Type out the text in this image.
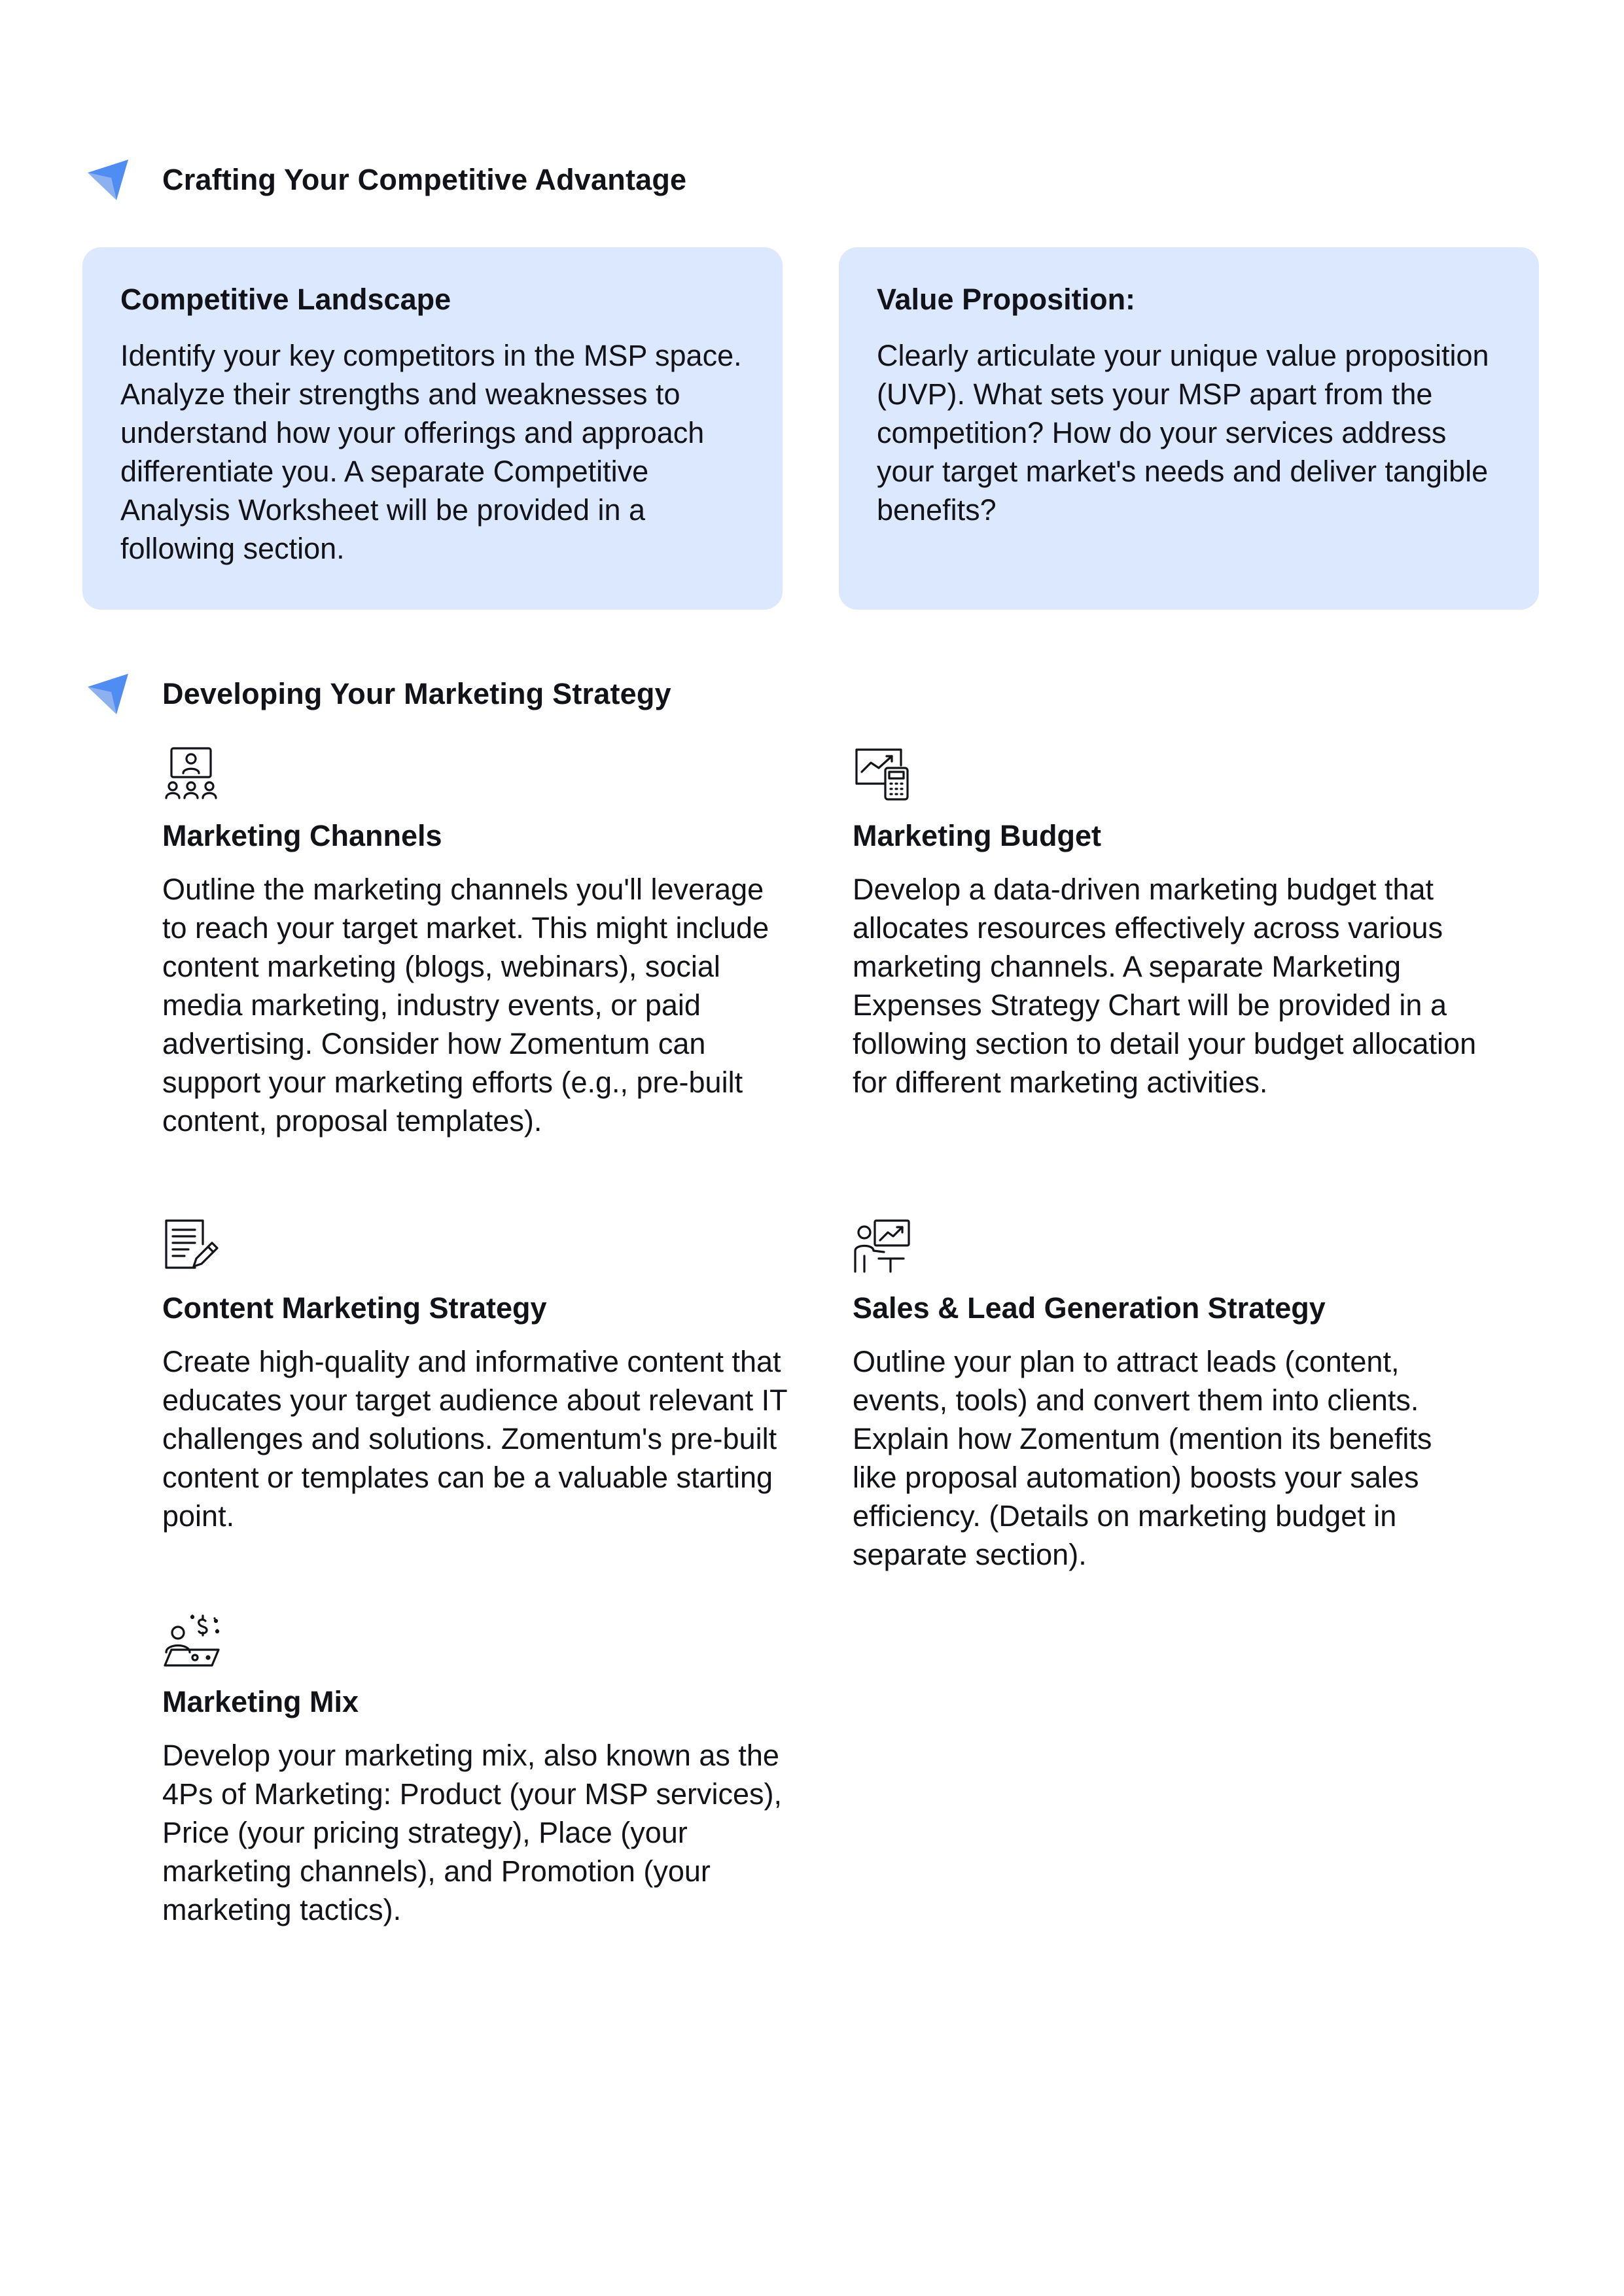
Crafting Your Competitive Advantage
Competitive Landscape

Identify your key competitors in the MSP space. Analyze their strengths and weaknesses to understand how your offerings and approach differentiate you. A separate Competitive Analysis Worksheet will be provided in a following section.

Value Proposition:

Clearly articulate your unique value proposition (UVP). What sets your MSP apart from the competition? How do your services address your target market's needs and deliver tangible benefits?

Developing Your Marketing Strategy
Marketing Channels

Outline the marketing channels you'll leverage to reach your target market. This might include content marketing (blogs, webinars), social media marketing, industry events, or paid advertising. Consider how Zomentum can support your marketing efforts (e.g., pre-built content, proposal templates).

Marketing Budget

Develop a data-driven marketing budget that allocates resources effectively across various marketing channels. A separate Marketing Expenses Strategy Chart will be provided in a following section to detail your budget allocation for different marketing activities.

Content Marketing Strategy

Create high-quality and informative content that educates your target audience about relevant IT challenges and solutions. Zomentum's pre-built content or templates can be a valuable starting point.

Sales & Lead Generation Strategy

Outline your plan to attract leads (content, events, tools) and convert them into clients. Explain how Zomentum (mention its benefits like proposal automation) boosts your sales efficiency. (Details on marketing budget in separate section).

Marketing Mix

Develop your marketing mix, also known as the 4Ps of Marketing: Product (your MSP services), Price (your pricing strategy), Place (your marketing channels), and Promotion (your marketing tactics).
